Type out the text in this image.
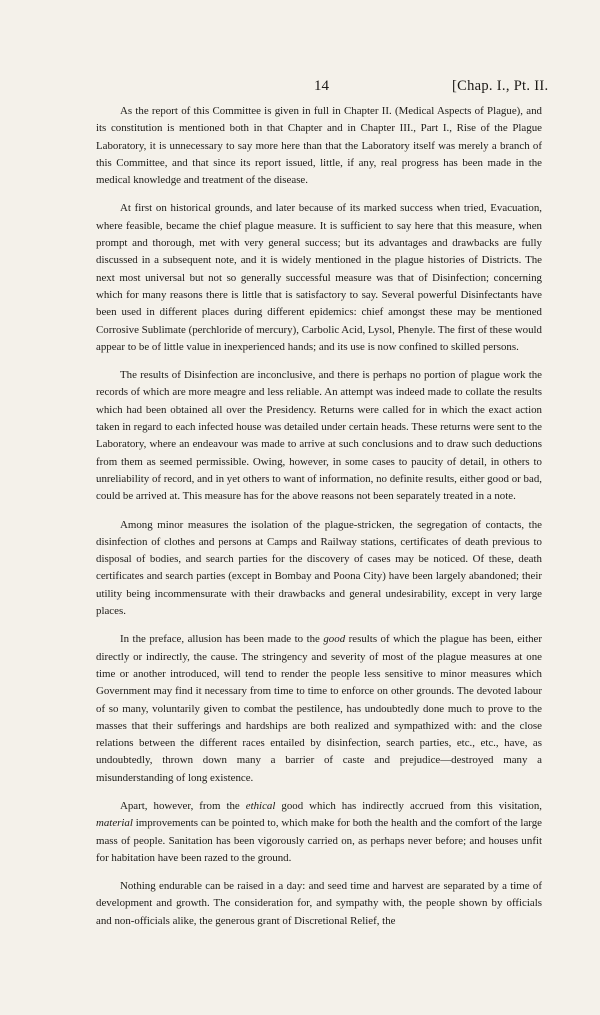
14	[Chap. I., Pt. II.

As the report of this Committee is given in full in Chapter II. (Medical Aspects of Plague), and its constitution is mentioned both in that Chapter and in Chapter III., Part I., Rise of the Plague Laboratory, it is unnecessary to say more here than that the Laboratory itself was merely a branch of this Committee, and that since its report issued, little, if any, real progress has been made in the medical knowledge and treatment of the disease.

At first on historical grounds, and later because of its marked success when tried, Evacuation, where feasible, became the chief plague measure. It is sufficient to say here that this measure, when prompt and thorough, met with very general success; but its advantages and drawbacks are fully discussed in a subsequent note, and it is widely mentioned in the plague histories of Districts. The next most universal but not so generally successful measure was that of Disinfection; concerning which for many reasons there is little that is satisfactory to say. Several powerful Disinfectants have been used in different places during different epidemics: chief amongst these may be mentioned Corrosive Sublimate (perchloride of mercury), Carbolic Acid, Lysol, Phenyle. The first of these would appear to be of little value in inexperienced hands; and its use is now confined to skilled persons.

The results of Disinfection are inconclusive, and there is perhaps no portion of plague work the records of which are more meagre and less reliable. An attempt was indeed made to collate the results which had been obtained all over the Presidency. Returns were called for in which the exact action taken in regard to each infected house was detailed under certain heads. These returns were sent to the Laboratory, where an endeavour was made to arrive at such conclusions and to draw such deductions from them as seemed permissible. Owing, however, in some cases to paucity of detail, in others to unreliability of record, and in yet others to want of information, no definite results, either good or bad, could be arrived at. This measure has for the above reasons not been separately treated in a note.

Among minor measures the isolation of the plague-stricken, the segregation of contacts, the disinfection of clothes and persons at Camps and Railway stations, certificates of death previous to disposal of bodies, and search parties for the discovery of cases may be noticed. Of these, death certificates and search parties (except in Bombay and Poona City) have been largely abandoned; their utility being incommensurate with their drawbacks and general undesirability, except in very large places.

In the preface, allusion has been made to the good results of which the plague has been, either directly or indirectly, the cause. The stringency and severity of most of the plague measures at one time or another introduced, will tend to render the people less sensitive to minor measures which Government may find it necessary from time to time to enforce on other grounds. The devoted labour of so many, voluntarily given to combat the pestilence, has undoubtedly done much to prove to the masses that their sufferings and hardships are both realized and sympathized with: and the close relations between the different races entailed by disinfection, search parties, etc., etc., have, as undoubtedly, thrown down many a barrier of caste and prejudice—destroyed many a misunderstanding of long existence.

Apart, however, from the ethical good which has indirectly accrued from this visitation, material improvements can be pointed to, which make for both the health and the comfort of the large mass of people. Sanitation has been vigorously carried on, as perhaps never before; and houses unfit for habitation have been razed to the ground.

Nothing endurable can be raised in a day: and seed time and harvest are separated by a time of development and growth. The consideration for, and sympathy with, the people shown by officials and non-officials alike, the generous grant of Discretional Relief, the
